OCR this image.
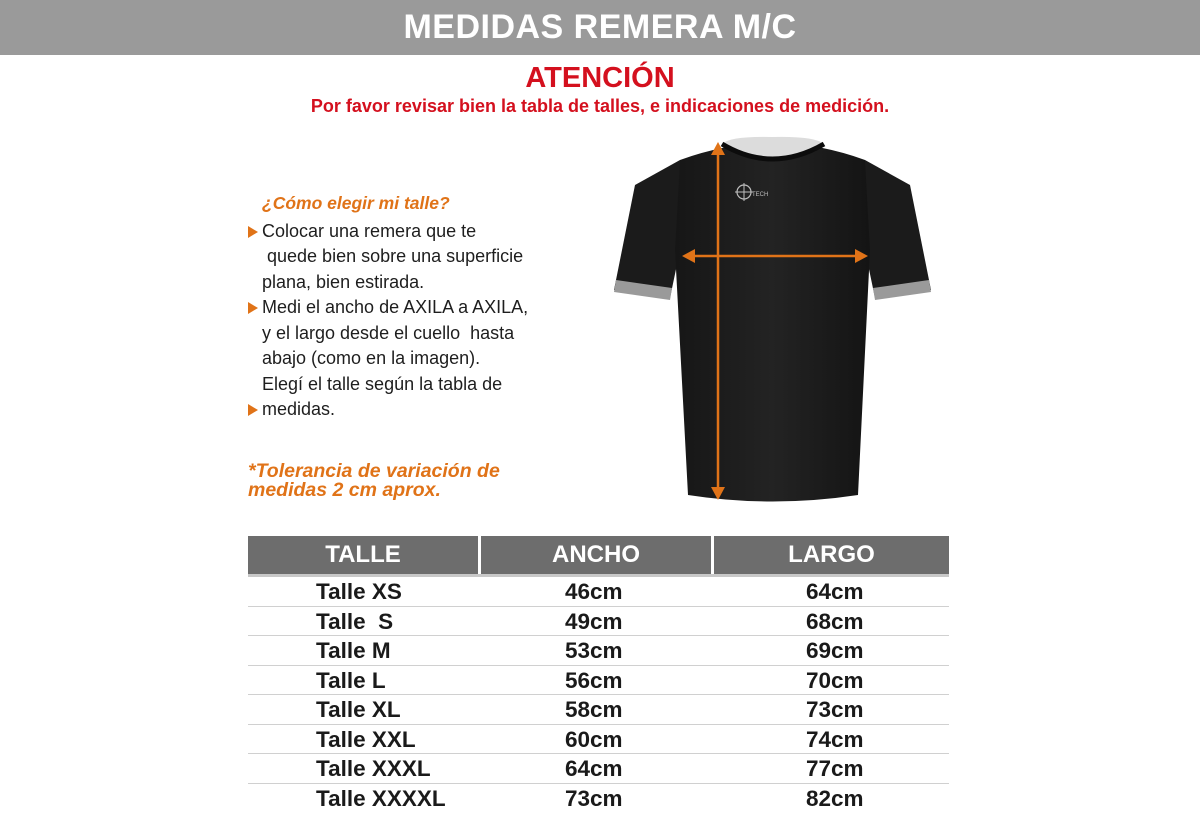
MEDIDAS REMERA M/C
ATENCIÓN
Por favor revisar bien la tabla de talles, e indicaciones de medición.
¿Cómo elegir mi talle?
Colocar una remera que te
quede bien sobre una superficie
plana, bien estirada.
Medi el ancho de AXILA a AXILA,
y el largo desde el cuello  hasta
abajo (como en la imagen).
Elegí el talle según la tabla de
medidas.
*Tolerancia de variación de
medidas 2 cm aprox.
TECH
TALLE	ANCHO	LARGO
Talle XS	46cm	64cm
Talle  S	49cm	68cm
Talle M	53cm	69cm
Talle L	56cm	70cm
Talle XL	58cm	73cm
Talle XXL	60cm	74cm
Talle XXXL	64cm	77cm
Talle XXXXL	73cm	82cm
